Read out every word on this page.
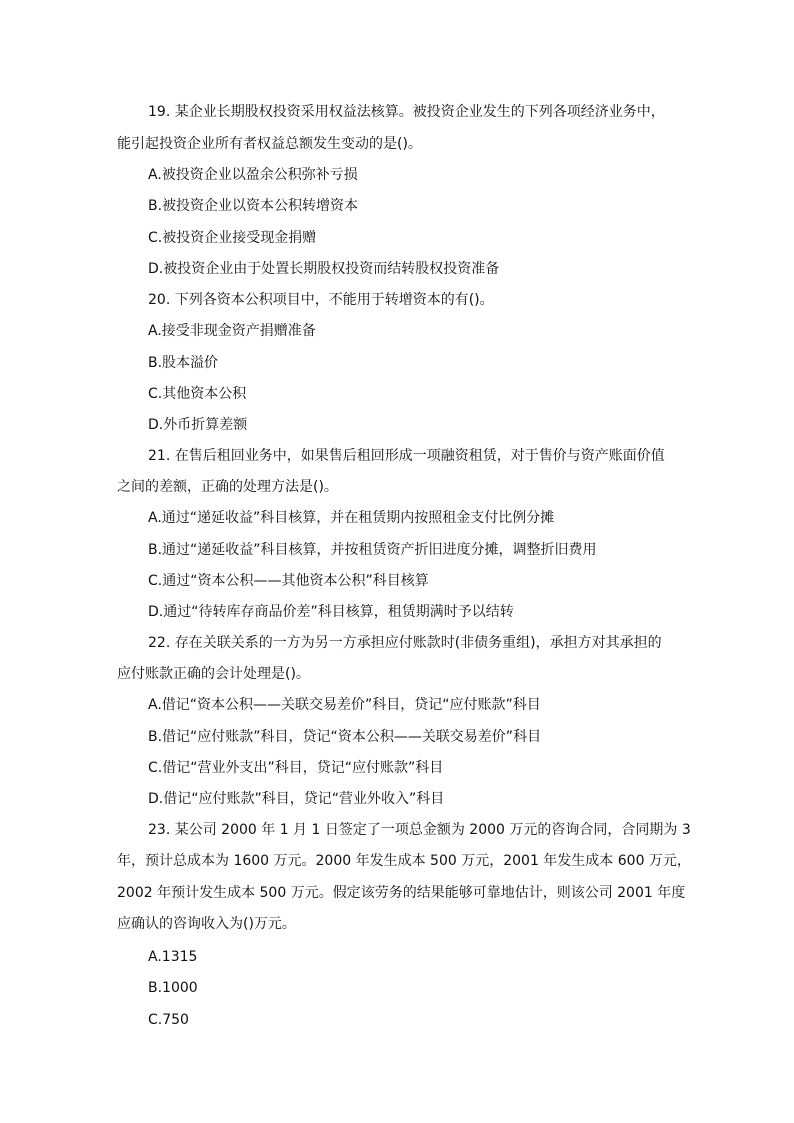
19. 某企业长期股权投资采用权益法核算。被投资企业发生的下列各项经济业务中，
能引起投资企业所有者权益总额发生变动的是()。
A.被投资企业以盈余公积弥补亏损
B.被投资企业以资本公积转增资本
C.被投资企业接受现金捐赠
D.被投资企业由于处置长期股权投资而结转股权投资准备
20. 下列各资本公积项目中，不能用于转增资本的有()。
A.接受非现金资产捐赠准备
B.股本溢价
C.其他资本公积
D.外币折算差额
21. 在售后租回业务中，如果售后租回形成一项融资租赁，对于售价与资产账面价值
之间的差额，正确的处理方法是()。
A.通过“递延收益”科目核算，并在租赁期内按照租金支付比例分摊
B.通过“递延收益”科目核算，并按租赁资产折旧进度分摊，调整折旧费用
C.通过“资本公积——其他资本公积”科目核算
D.通过“待转库存商品价差”科目核算，租赁期满时予以结转
22. 存在关联关系的一方为另一方承担应付账款时(非债务重组)，承担方对其承担的
应付账款正确的会计处理是()。
A.借记“资本公积——关联交易差价”科目，贷记“应付账款”科目
B.借记“应付账款”科目，贷记“资本公积——关联交易差价”科目
C.借记“营业外支出”科目，贷记“应付账款”科目
D.借记“应付账款”科目，贷记“营业外收入”科目
23. 某公司 2000 年 1 月 1 日签定了一项总金额为 2000 万元的咨询合同，合同期为 3
年，预计总成本为 1600 万元。2000 年发生成本 500 万元，2001 年发生成本 600 万元，
2002 年预计发生成本 500 万元。假定该劳务的结果能够可靠地估计，则该公司 2001 年度
应确认的咨询收入为()万元。
A.1315
B.1000
C.750
